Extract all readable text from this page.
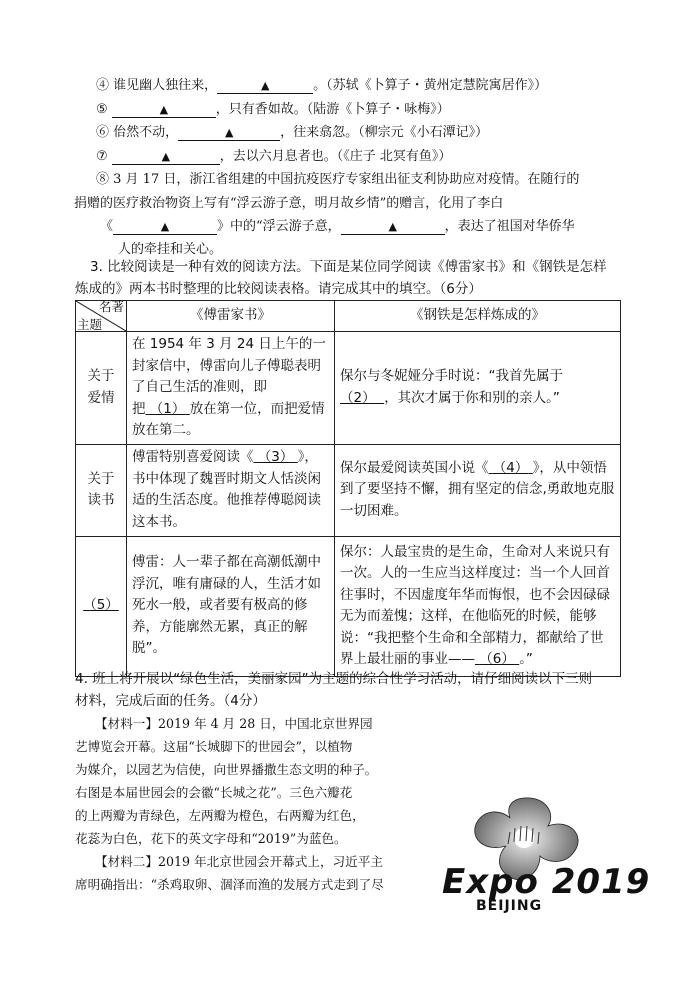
④ 谁见幽人独往来，	▲	。（苏轼《卜算子・黄州定慧院寓居作》）
⑤	▲	，只有香如故。（陆游《卜算子・咏梅》）
⑥ 佁然不动，	▲	，往来翕忽。（柳宗元《小石潭记》）
⑦	▲	，去以六月息者也。（《庄子 北冥有鱼》）
⑧ 3 月 17 日，浙江省组建的中国抗疫医疗专家组出征支利协助应对疫情。在随行的
捐赠的医疗救治物资上写有“浮云游子意，明月故乡情”的赠言，化用了李白
《	▲	》中的“浮云游子意，	▲	，表达了祖国对华侨华
人的牵挂和关心。
3. 比较阅读是一种有效的阅读方法。下面是某位同学阅读《傅雷家书》和《钢铁是怎样
炼成的》两本书时整理的比较阅读表格。请完成其中的填空。（6分）
名著
主题	《傅雷家书》	《钢铁是怎样炼成的》
关于
爱情	在 1954 年 3 月 24 日上午的一封家信中，傅雷向儿子傅聪表明了自己生活的准则，即把 （1） 放在第一位，而把爱情放在第二。	保尔与冬妮娅分手时说：“我首先属于（2） ，其次才属于你和别的亲人。”
关于
读书	傅雷特别喜爱阅读《 （3） 》，书中体现了魏晋时期文人恬淡闲适的生活态度。他推荐傅聪阅读这本书。	保尔最爱阅读英国小说《 （4） 》，从中领悟到了要坚持不懈，拥有坚定的信念,勇敢地克服一切困难。
（5）	傅雷：人一辈子都在高潮低潮中浮沉，唯有庸碌的人，生活才如死水一般，或者要有极高的修养，方能廓然无累，真正的解脱”。	保尔：人最宝贵的是生命，生命对人来说只有一次。人的一生应当这样度过：当一个人回首往事时，不因虚度年华而悔恨，也不会因碌碌无为而羞愧；这样，在他临死的时候，能够说：“我把整个生命和全部精力，都献给了世界上最壮丽的事业—— （6） 。”
4. 班上将开展以“绿色生活，美丽家园”为主题的综合性学习活动，请仔细阅读以下三则
材料，完成后面的任务。（4分）
【材料一】2019 年 4 月 28 日，中国北京世界园
艺博览会开幕。这届“长城脚下的世园会”，以植物
为媒介，以园艺为信使，向世界播撒生态文明的种子。
右图是本届世园会的会徽“长城之花”。三色六瓣花
的上两瓣为青绿色，左两瓣为橙色，右两瓣为红色，
花蕊为白色，花下的英文字母和“2019”为蓝色。
【材料二】2019 年北京世园会开幕式上，习近平主
席明确指出：“杀鸡取卵、涸泽而渔的发展方式走到了尽	Expo 2019
BEIJING
